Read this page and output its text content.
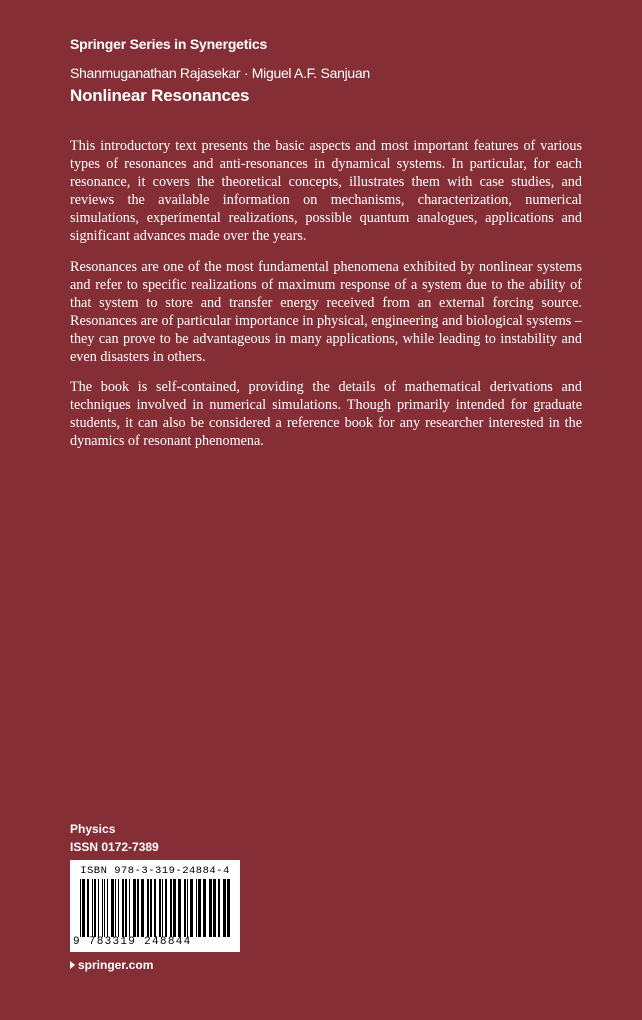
Springer Series in Synergetics
Shanmuganathan Rajasekar · Miguel A.F. Sanjuan
Nonlinear Resonances

This introductory text presents the basic aspects and most important features of various types of resonances and anti-resonances in dynamical systems. In particular, for each resonance, it covers the theoretical concepts, illustrates them with case studies, and reviews the available information on mechanisms, characterization, numerical simulations, experimental realizations, possible quantum analogues, applications and significant advances made over the years.

Resonances are one of the most fundamental phenomena exhibited by nonlinear systems and refer to specific realizations of maximum response of a system due to the ability of that system to store and transfer energy received from an external forcing source. Resonances are of particular importance in physical, engineering and biological systems – they can prove to be advantageous in many applications, while leading to instability and even disasters in others.

The book is self-contained, providing the details of mathematical derivations and techniques involved in numerical simulations. Though primarily intended for graduate students, it can also be considered a reference book for any researcher interested in the dynamics of resonant phenomena.

Physics
ISSN 0172-7389
ISBN 978-3-319-24884-4
9 783319 248844
springer.com
